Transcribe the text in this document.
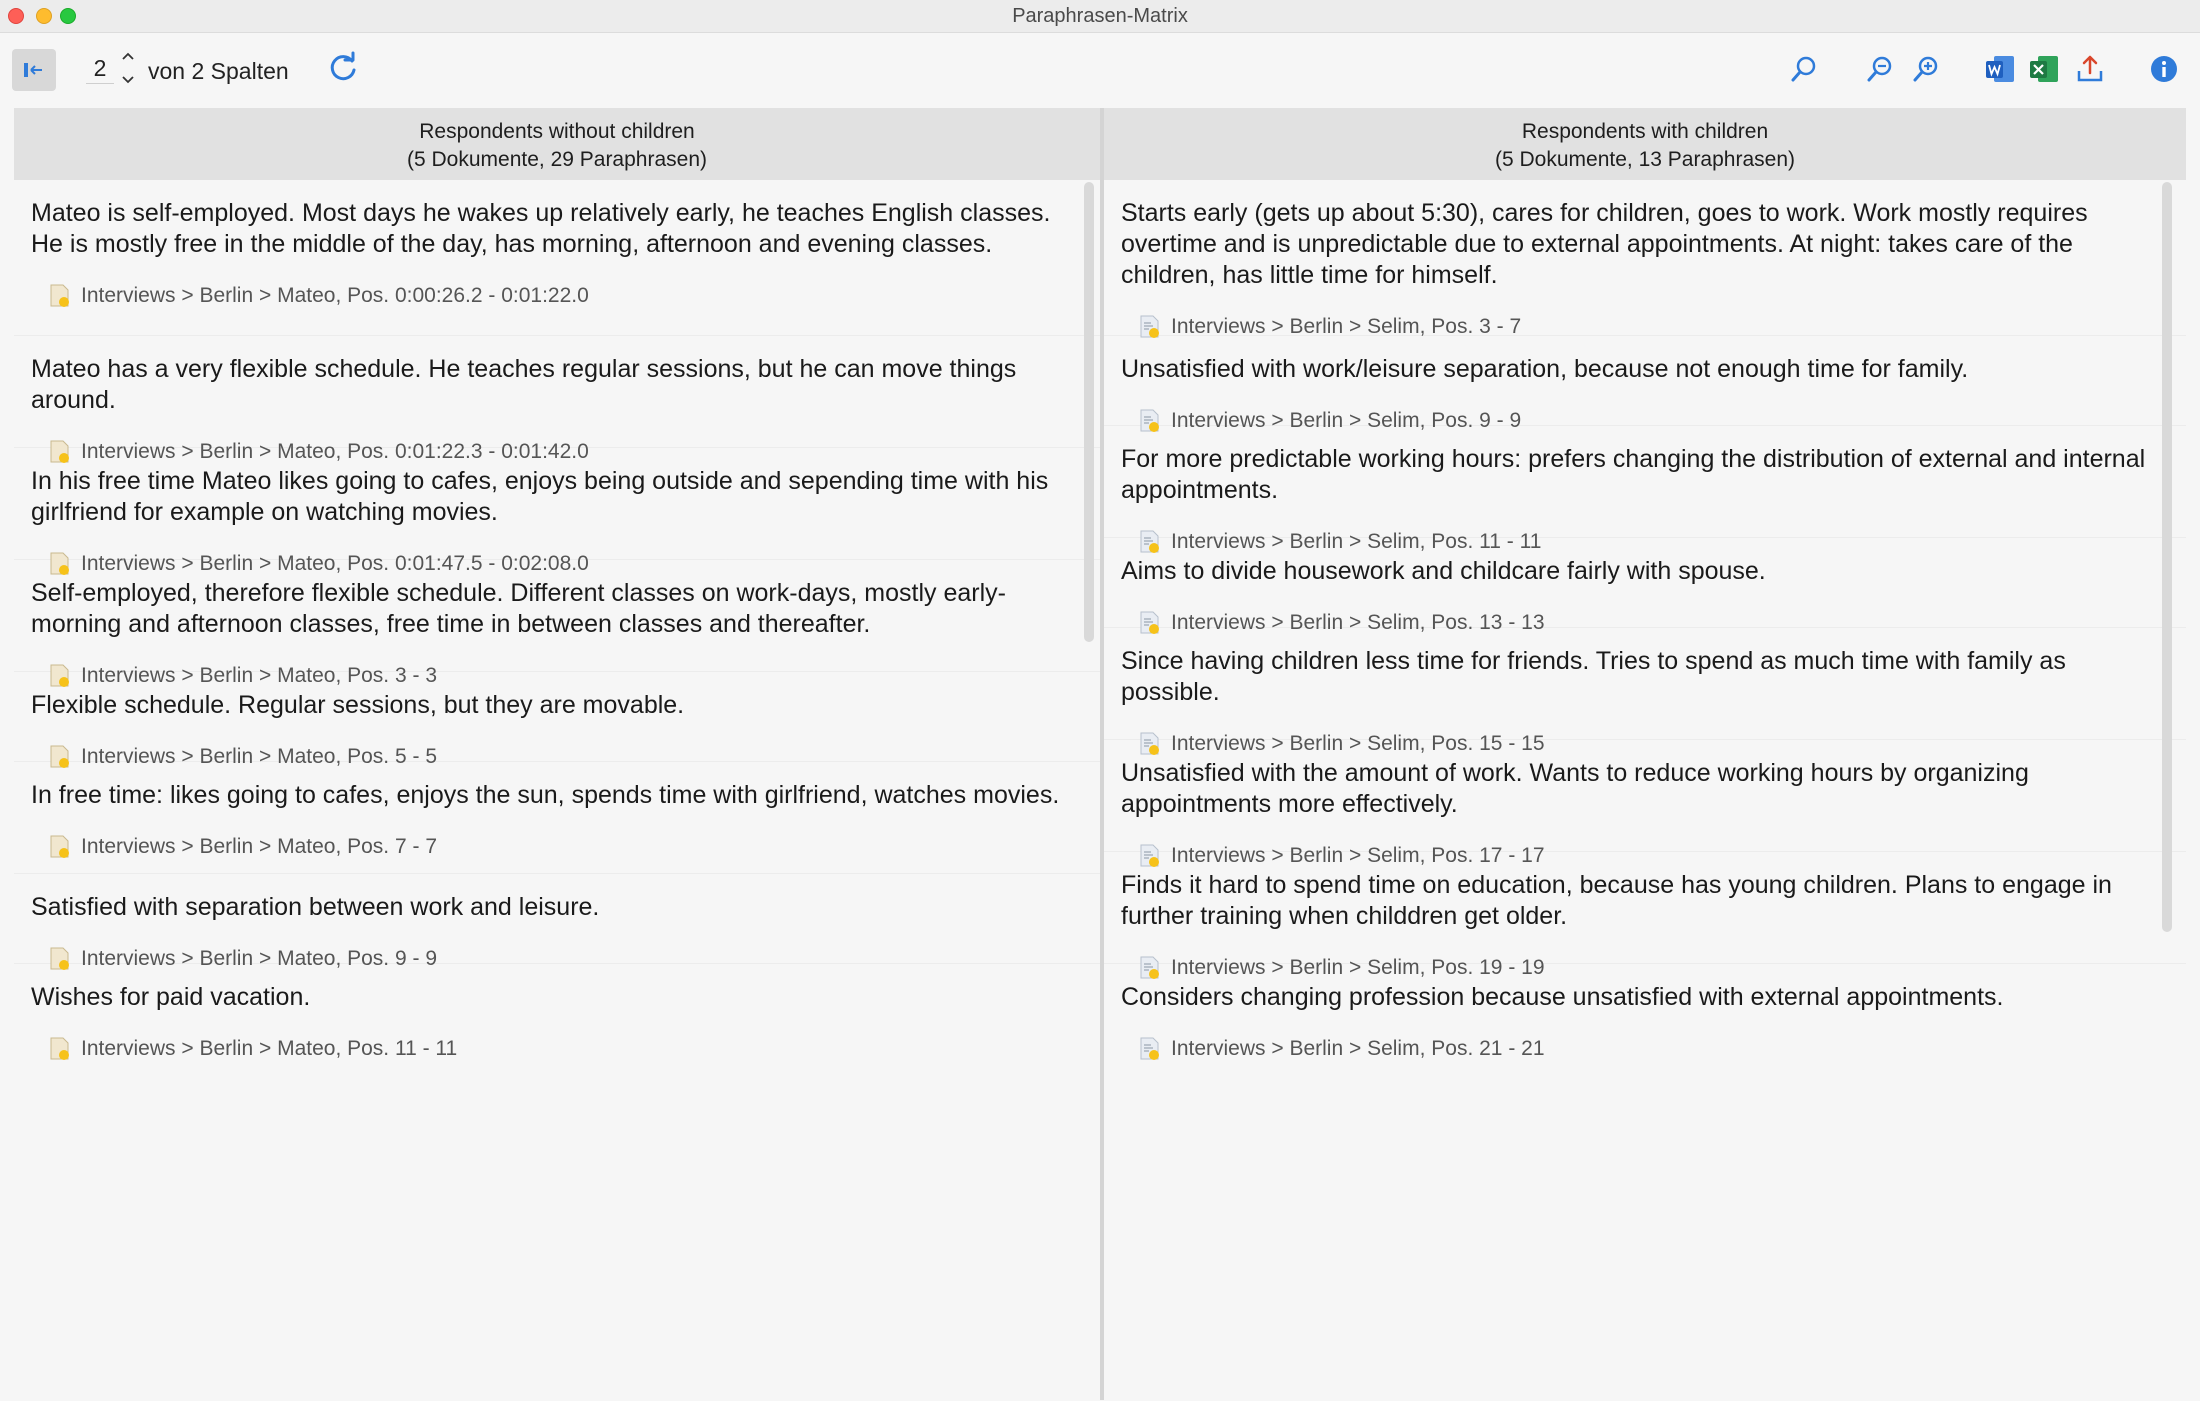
Paraphrasen-Matrix
2	von 2 Spalten
Respondents without children
(5 Dokumente, 29 Paraphrasen)
Mateo is self-employed. Most days he wakes up relatively early, he teaches English classes. He is mostly free in the middle of the day, has morning, afternoon and evening classes.
Interviews > Berlin > Mateo, Pos. 0:00:26.2 - 0:01:22.0
Mateo has a very flexible schedule. He teaches regular sessions, but he can move things around.
Interviews > Berlin > Mateo, Pos. 0:01:22.3 - 0:01:42.0
In his free time Mateo likes going to cafes, enjoys being outside and sepending time with his girlfriend for example on watching movies.
Interviews > Berlin > Mateo, Pos. 0:01:47.5 - 0:02:08.0
Self-employed, therefore flexible schedule. Different classes on work-days, mostly early-morning and afternoon classes, free time in between classes and thereafter.
Interviews > Berlin > Mateo, Pos. 3 - 3
Flexible schedule. Regular sessions, but they are movable.
Interviews > Berlin > Mateo, Pos. 5 - 5
In free time: likes going to cafes, enjoys the sun, spends time with girlfriend, watches movies.
Interviews > Berlin > Mateo, Pos. 7 - 7
Satisfied with separation between work and leisure.
Interviews > Berlin > Mateo, Pos. 9 - 9
Wishes for paid vacation.
Interviews > Berlin > Mateo, Pos. 11 - 11
Respondents with children
(5 Dokumente, 13 Paraphrasen)
Starts early (gets up about 5:30), cares for children, goes to work. Work mostly requires overtime and is unpredictable due to external appointments. At night: takes care of the children, has little time for himself.
Interviews > Berlin > Selim, Pos. 3 - 7
Unsatisfied with work/leisure separation, because not enough time for family.
Interviews > Berlin > Selim, Pos. 9 - 9
For more predictable working hours: prefers changing the distribution of external and internal appointments.
Interviews > Berlin > Selim, Pos. 11 - 11
Aims to divide housework and childcare fairly with spouse.
Interviews > Berlin > Selim, Pos. 13 - 13
Since having children less time for friends. Tries to spend as much time with family as possible.
Interviews > Berlin > Selim, Pos. 15 - 15
Unsatisfied with the amount of work. Wants to reduce working hours by organizing appointments more effectively.
Interviews > Berlin > Selim, Pos. 17 - 17
Finds it hard to spend time on education, because has young children. Plans to engage in further training when childdren get older.
Interviews > Berlin > Selim, Pos. 19 - 19
Considers changing profession because unsatisfied with external appointments.
Interviews > Berlin > Selim, Pos. 21 - 21
